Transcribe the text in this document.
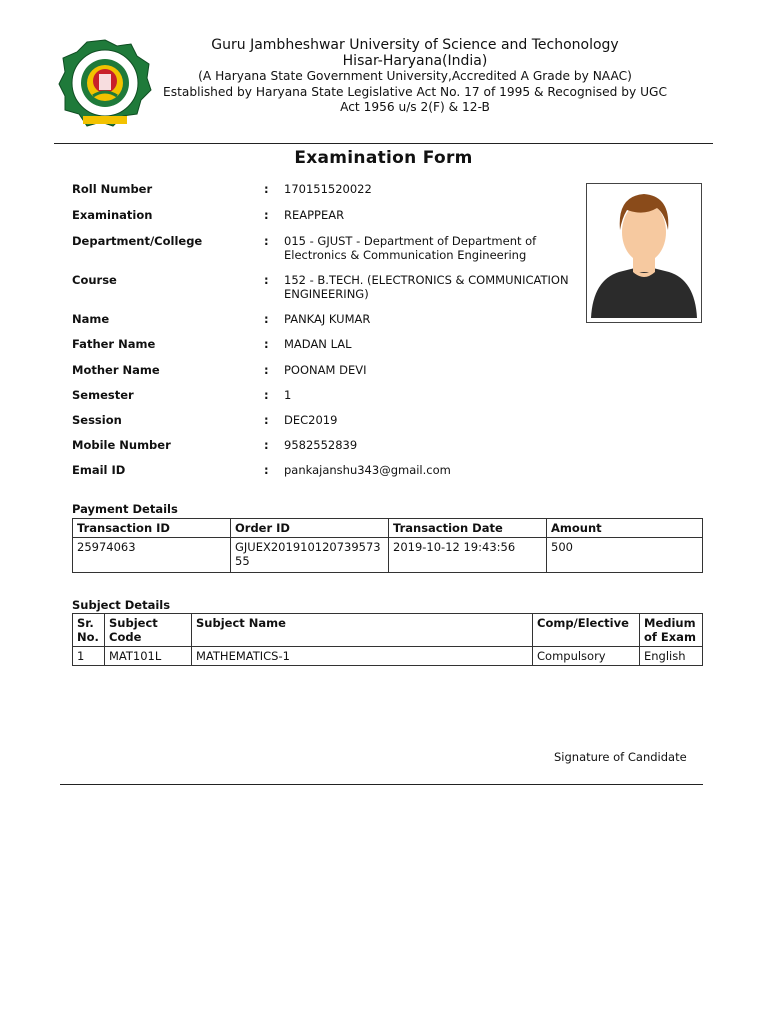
Guru Jambheshwar University of Science and Techonology
Hisar-Haryana(India)
(A Haryana State Government University,Accredited A Grade by NAAC)
Established by Haryana State Legislative Act No. 17 of 1995 & Recognised by UGC
Act 1956 u/s 2(F) & 12-B
Examination Form
Roll Number	: 170151520022
Examination	: REAPPEAR
Department/College	: 015 - GJUST - Department of Department of Electronics & Communication Engineering
Course	: 152 - B.TECH. (ELECTRONICS & COMMUNICATION ENGINEERING)
Name	: PANKAJ KUMAR
Father Name	: MADAN LAL
Mother Name	: POONAM DEVI
Semester	: 1
Session	: DEC2019
Mobile Number	: 9582552839
Email ID	: pankajanshu343@gmail.com
Payment Details
Transaction ID	Order ID	Transaction Date	Amount
25974063	GJUEX20191012073957355	2019-10-12 19:43:56	500
Subject Details
Sr. No.	Subject Code	Subject Name	Comp/Elective	Medium of Exam
1	MAT101L	MATHEMATICS-1	Compulsory	English
Signature of Candidate
